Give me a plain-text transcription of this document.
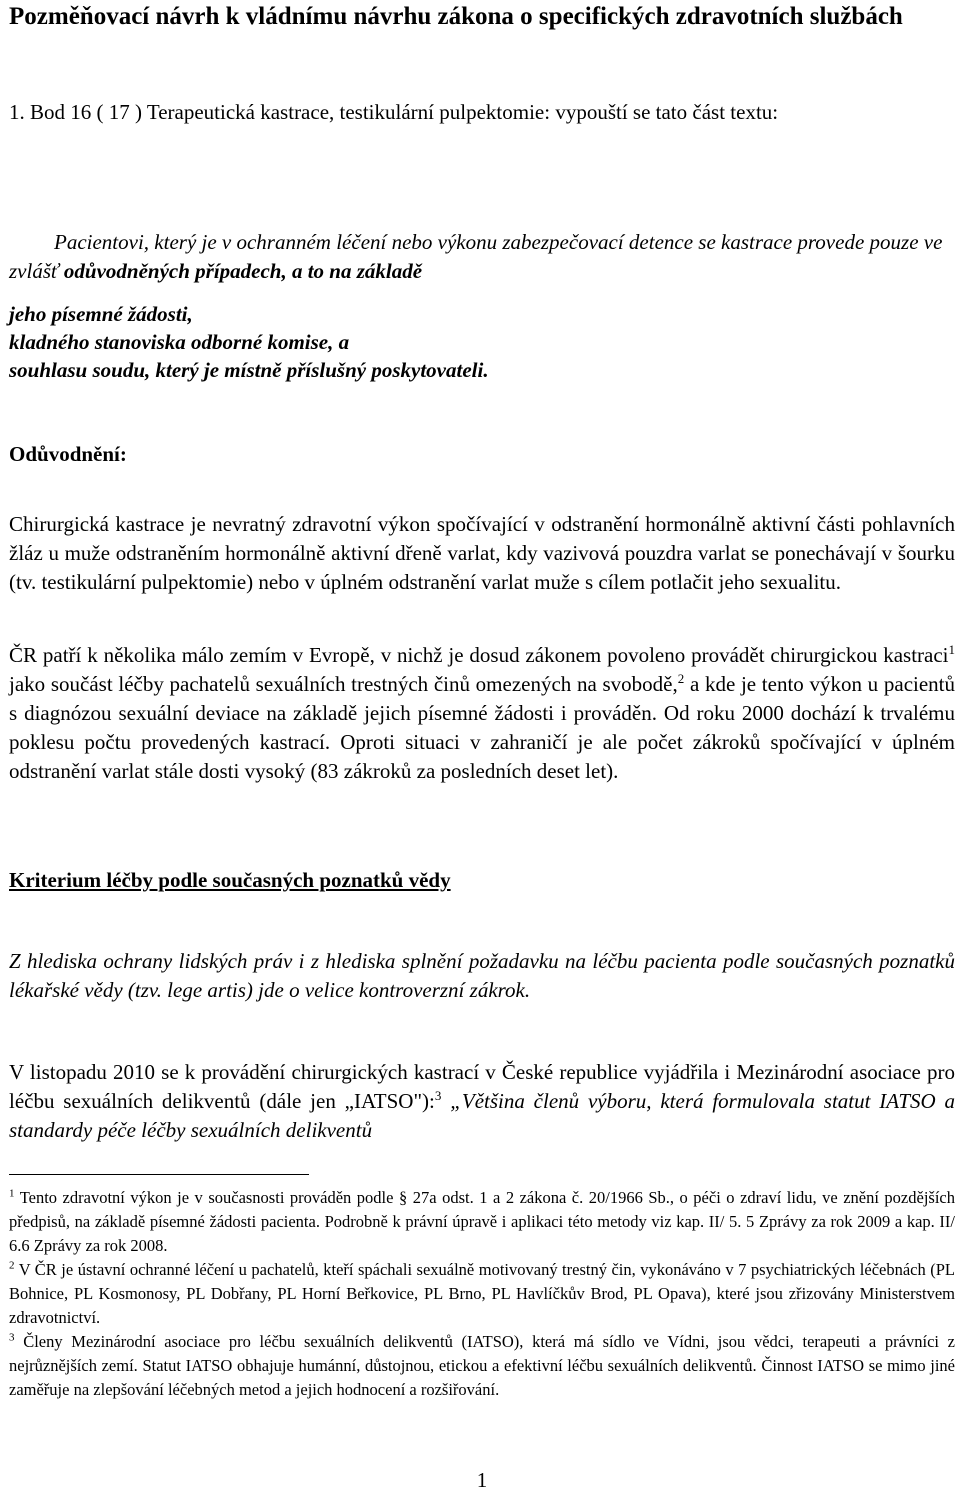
Pozměňovací návrh k vládnímu návrhu zákona o specifických zdravotních službách

1. Bod 16 ( 17 ) Terapeutická kastrace, testikulární pulpektomie: vypouští se tato část textu:

Pacientovi, který je v ochranném léčení nebo výkonu zabezpečovací detence se kastrace provede pouze ve zvlášť odůvodněných případech, a to na základě

jeho písemné žádosti,
kladného stanoviska odborné komise, a
souhlasu soudu, který je místně příslušný poskytovateli.

Odůvodnění:

Chirurgická kastrace je nevratný zdravotní výkon spočívající v odstranění hormonálně aktivní části pohlavních žláz u muže odstraněním hormonálně aktivní dřeně varlat, kdy vazivová pouzdra varlat se ponechávají v šourku (tv. testikulární pulpektomie) nebo v úplném odstranění varlat muže s cílem potlačit jeho sexualitu.

ČR patří k několika málo zemím v Evropě, v nichž je dosud zákonem povoleno provádět chirurgickou kastraci$^1$ jako součást léčby pachatelů sexuálních trestných činů omezených na svobodě,$^2$ a kde je tento výkon u pacientů s diagnózou sexuální deviace na základě jejich písemné žádosti i prováděn. Od roku 2000 dochází k trvalému poklesu počtu provedených kastrací. Oproti situaci v zahraničí je ale počet zákroků spočívající v úplném odstranění varlat stále dosti vysoký (83 zákroků za posledních deset let).

Kriterium léčby podle současných poznatků vědy

Z hlediska ochrany lidských práv i z hlediska splnění požadavku na léčbu pacienta podle současných poznatků lékařské vědy (tzv. lege artis) jde o velice kontroverzní zákrok.

V listopadu 2010 se k provádění chirurgických kastrací v České republice vyjádřila i Mezinárodní asociace pro léčbu sexuálních delikventů (dále jen „IATSO"):$^3$ „Většina členů výboru, která formulovala statut IATSO a standardy péče léčby sexuálních delikventů

$^1$ Tento zdravotní výkon je v současnosti prováděn podle § 27a odst. 1 a 2 zákona č. 20/1966 Sb., o péči o zdraví lidu, ve znění pozdějších předpisů, na základě písemné žádosti pacienta. Podrobně k právní úpravě i aplikaci této metody viz kap. II/ 5. 5 Zprávy za rok 2009 a kap. II/ 6.6 Zprávy za rok 2008.

$^2$ V ČR je ústavní ochranné léčení u pachatelů, kteří spáchali sexuálně motivovaný trestný čin, vykonáváno v 7 psychiatrických léčebnách (PL Bohnice, PL Kosmonosy, PL Dobřany, PL Horní Beřkovice, PL Brno, PL Havlíčkův Brod, PL Opava), které jsou zřizovány Ministerstvem zdravotnictví.

$^3$ Členy Mezinárodní asociace pro léčbu sexuálních delikventů (IATSO), která má sídlo ve Vídni, jsou vědci, terapeuti a právníci z nejrůznějších zemí. Statut IATSO obhajuje humánní, důstojnou, etickou a efektivní léčbu sexuálních delikventů. Činnost IATSO se mimo jiné zaměřuje na zlepšování léčebných metod a jejich hodnocení a rozšiřování.

1
